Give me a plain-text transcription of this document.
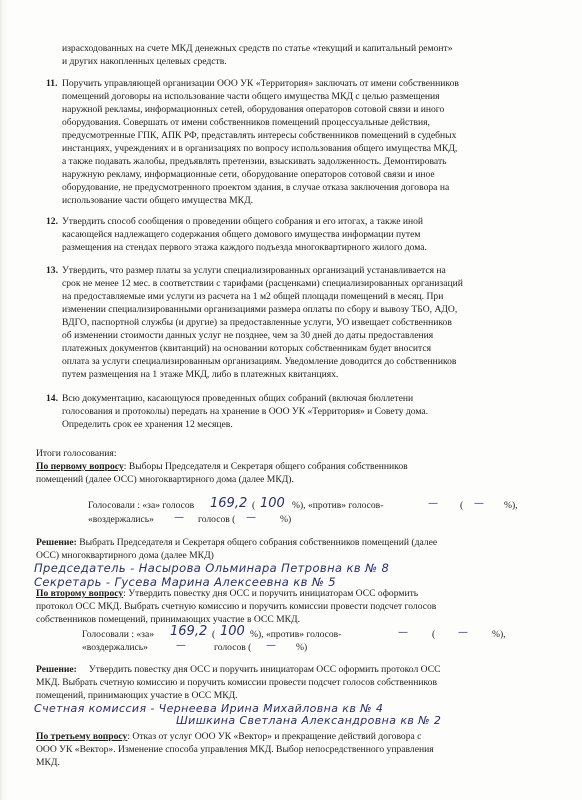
израсходованных на счете МКД денежных средств по статье «текущий и капитальный ремонт»
и других накопленных целевых средств.
11. Поручить управляющей организации ООО УК «Территория» заключать от имени собственников
помещений договоры на использование части общего имущества МКД с целью размещения
наружной рекламы, информационных сетей, оборудования операторов сотовой связи и иного
оборудования. Совершать от имени собственников помещений процессуальные действия,
предусмотренные ГПК, АПК РФ, представлять интересы собственников помещений в судебных
инстанциях, учреждениях и в организациях по вопросу использования общего имущества МКД,
а также подавать жалобы, предъявлять претензии, взыскивать задолженность. Демонтировать
наружную рекламу, информационные сети, оборудование операторов сотовой связи и иное
оборудование, не предусмотренного проектом здания, в случае отказа заключения договора на
использование части общего имущества МКД.
12. Утвердить способ сообщения о проведении общего собрания и его итогах, а также иной
касающейся надлежащего содержания общего домового имущества информации путем
размещения на стендах первого этажа каждого подъезда многоквартирного жилого дома.
13. Утвердить, что размер платы за услуги специализированных организаций устанавливается на
срок не менее 12 мес. в соответствии с тарифами (расценками) специализированных организаций
на предоставляемые ими услуги из расчета на 1 м2 общей площади помещений в месяц. При
изменении специализированными организациями размера оплаты по сбору и вывозу ТБО, АДО,
ВДГО, паспортной службы (и другие) за предоставленные услуги, УО извещает собственников
об изменении стоимости данных услуг не позднее, чем за 30 дней до даты предоставления
платежных документов (квитанций) на основании которых собственникам будет вносится
оплата за услуги специализированным организациям. Уведомление доводится до собственников
путем размещения на 1 этаже МКД, либо в платежных квитанциях.
14. Всю документацию, касающуюся проведенных общих собраний (включая бюллетени
голосования и протоколы) передать на хранение в ООО УК «Территория» и Совету дома.
Определить срок ее хранения 12 месяцев.
Итоги голосования:
По первому вопросу: Выборы Председателя и Секретаря общего собрания собственников
помещений (далее ОСС) многоквартирного дома (далее МКД).
Голосовали : «за» голосов 169,2 ( 100 %), «против» голосов-	— ( — %),
«воздержались» — голосов ( —	%)
Решение: Выбрать Председателя и Секретаря общего собрания собственников помещений (далее
ОСС) многоквартирного дома (далее МКД)
Председатель - Насырова Ольминара Петровна кв № 8
Секретарь - Гусева Марина Алексеевна кв № 5
По второму вопросу: Утвердить повестку дня ОСС и поручить инициаторам ОСС оформить
протокол ОСС МКД. Выбрать счетную комиссию и поручить комиссии провести подсчет голосов
собственников помещений, принимающих участие в ОСС МКД.
Голосовали : «за» 169,2 ( 100 %), «против» голосов-	—	( —	%),
«воздержались»	—	голосов ( — %)
Решение: Утвердить повестку дня ОСС и поручить инициаторам ОСС оформить протокол ОСС
МКД. Выбрать счетную комиссию и поручить комиссии провести подсчет голосов собственников
помещений, принимающих участие в ОСС МКД.
Счетная комиссия - Чернеева Ирина Михайловна кв № 4
Шишкина Светлана Александровна кв № 2
По третьему вопросу: Отказ от услуг ООО УК «Вектор» и прекращение действий договора с
ООО УК «Вектор». Изменение способа управления МКД. Выбор непосредственного управления
МКД.
